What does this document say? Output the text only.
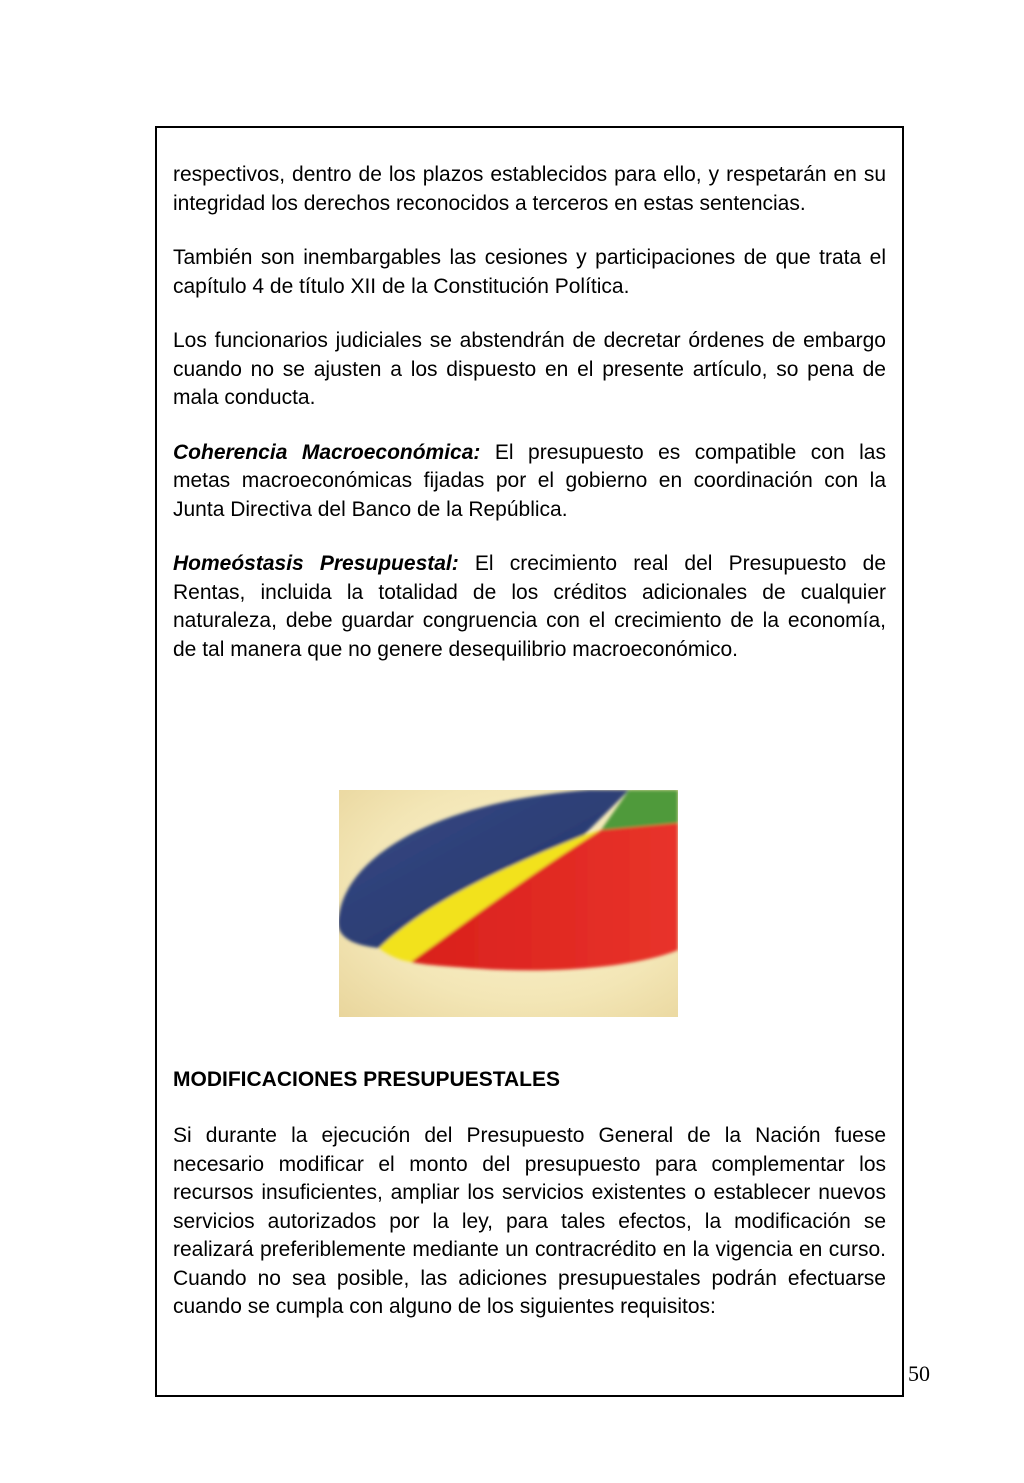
respectivos, dentro de los plazos establecidos para ello, y respetarán en su integridad los derechos reconocidos a terceros en estas sentencias.

También son inembargables las cesiones y participaciones de que trata el capítulo 4 de título XII de la Constitución Política.

Los funcionarios judiciales se abstendrán de decretar órdenes de embargo cuando no se ajusten a los dispuesto en el presente artículo, so pena de mala conducta.

Coherencia Macroeconómica: El presupuesto es compatible con las metas macroeconómicas fijadas por el gobierno en coordinación con la Junta Directiva del Banco de la República.

Homeóstasis Presupuestal: El crecimiento real del Presupuesto de Rentas, incluida la totalidad de los créditos adicionales de cualquier naturaleza, debe guardar congruencia con el crecimiento de la economía, de tal manera que no genere desequilibrio macroeconómico.

MODIFICACIONES PRESUPUESTALES

Si durante la ejecución del Presupuesto General de la Nación fuese necesario modificar el monto del presupuesto para complementar los recursos insuficientes, ampliar los servicios existentes o establecer nuevos servicios autorizados por la ley, para tales efectos, la modificación se realizará preferiblemente mediante un contracrédito en la vigencia en curso. Cuando no sea posible, las adiciones presupuestales podrán efectuarse cuando se cumpla con alguno de los siguientes requisitos:

50
